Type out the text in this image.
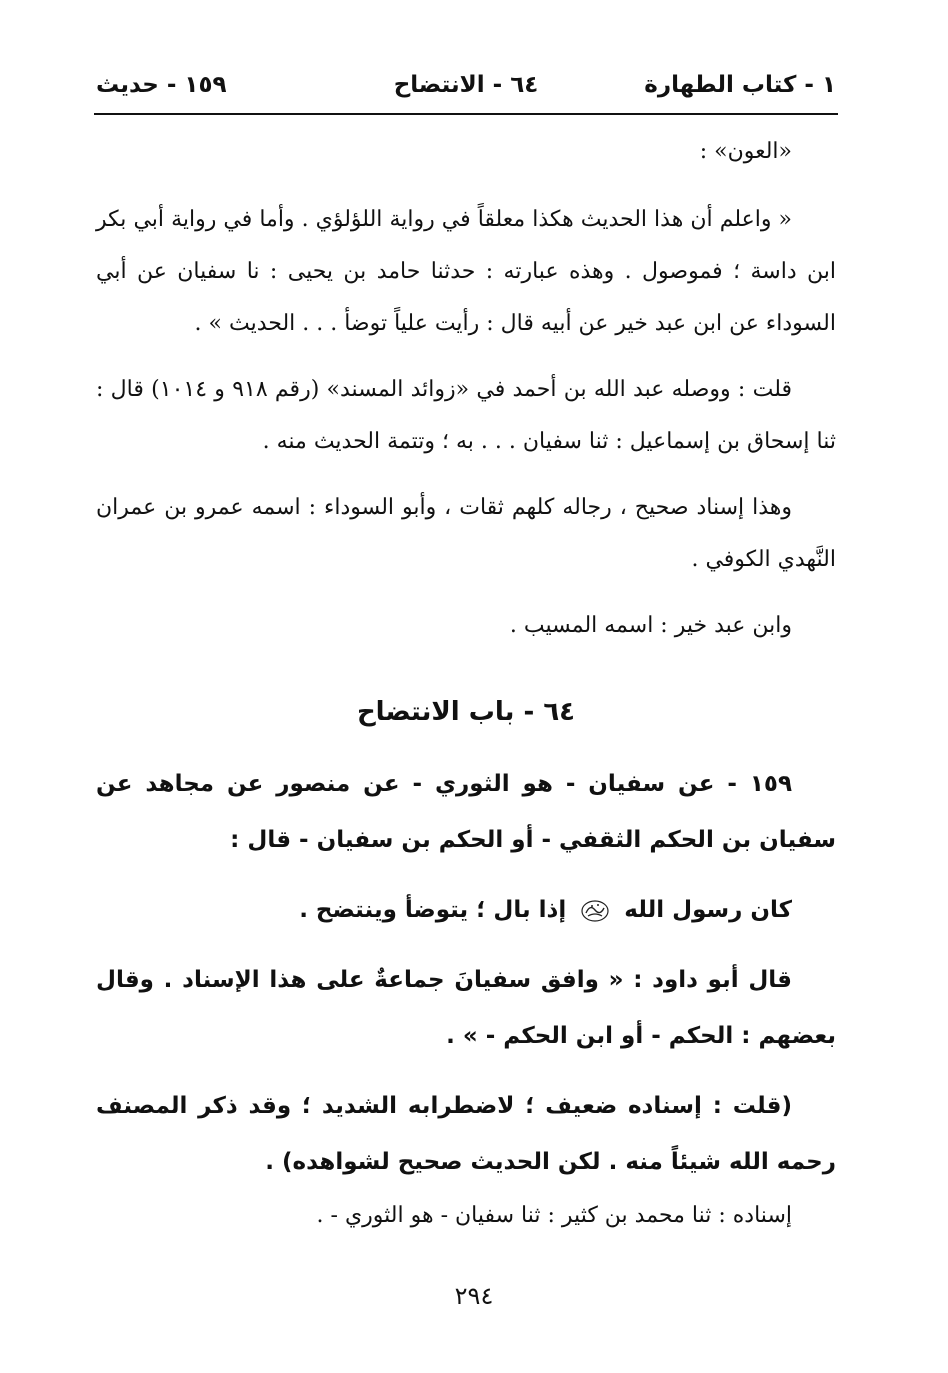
١ - كتاب الطهارة
٦٤ - الانتضاح
١٥٩ - حديث

«العون» :

« واعلم أن هذا الحديث هكذا معلقاً في رواية اللؤلؤي . وأما في رواية أبي بكر ابن داسة ؛ فموصول . وهذه عبارته : حدثنا حامد بن يحيى : نا سفيان عن أبي السوداء عن ابن عبد خير عن أبيه قال : رأيت علياً توضأ . . . الحديث » .

قلت : ووصله عبد الله بن أحمد في «زوائد المسند» (رقم ٩١٨ و ١٠١٤) قال : ثنا إسحاق بن إسماعيل : ثنا سفيان . . . به ؛ وتتمة الحديث منه .

وهذا إسناد صحيح ، رجاله كلهم ثقات ، وأبو السوداء : اسمه عمرو بن عمران النَّهدي الكوفي .

وابن عبد خير : اسمه المسيب .

٦٤ - باب الانتضاح

١٥٩ - عن سفيان - هو الثوري - عن منصور عن مجاهد عن سفيان بن الحكم الثقفي - أو الحكم بن سفيان - قال :

كان رسول الله  إذا بال ؛ يتوضأ وينتضح .

قال أبو داود : « وافق سفيانَ جماعةٌ على هذا الإسناد . وقال بعضهم : الحكم - أو ابن الحكم - » .

(قلت : إسناده ضعيف ؛ لاضطرابه الشديد ؛ وقد ذكر المصنف رحمه الله شيئاً منه . لكن الحديث صحيح لشواهده) .

إسناده : ثنا محمد بن كثير : ثنا سفيان - هو الثوري - .

٢٩٤
